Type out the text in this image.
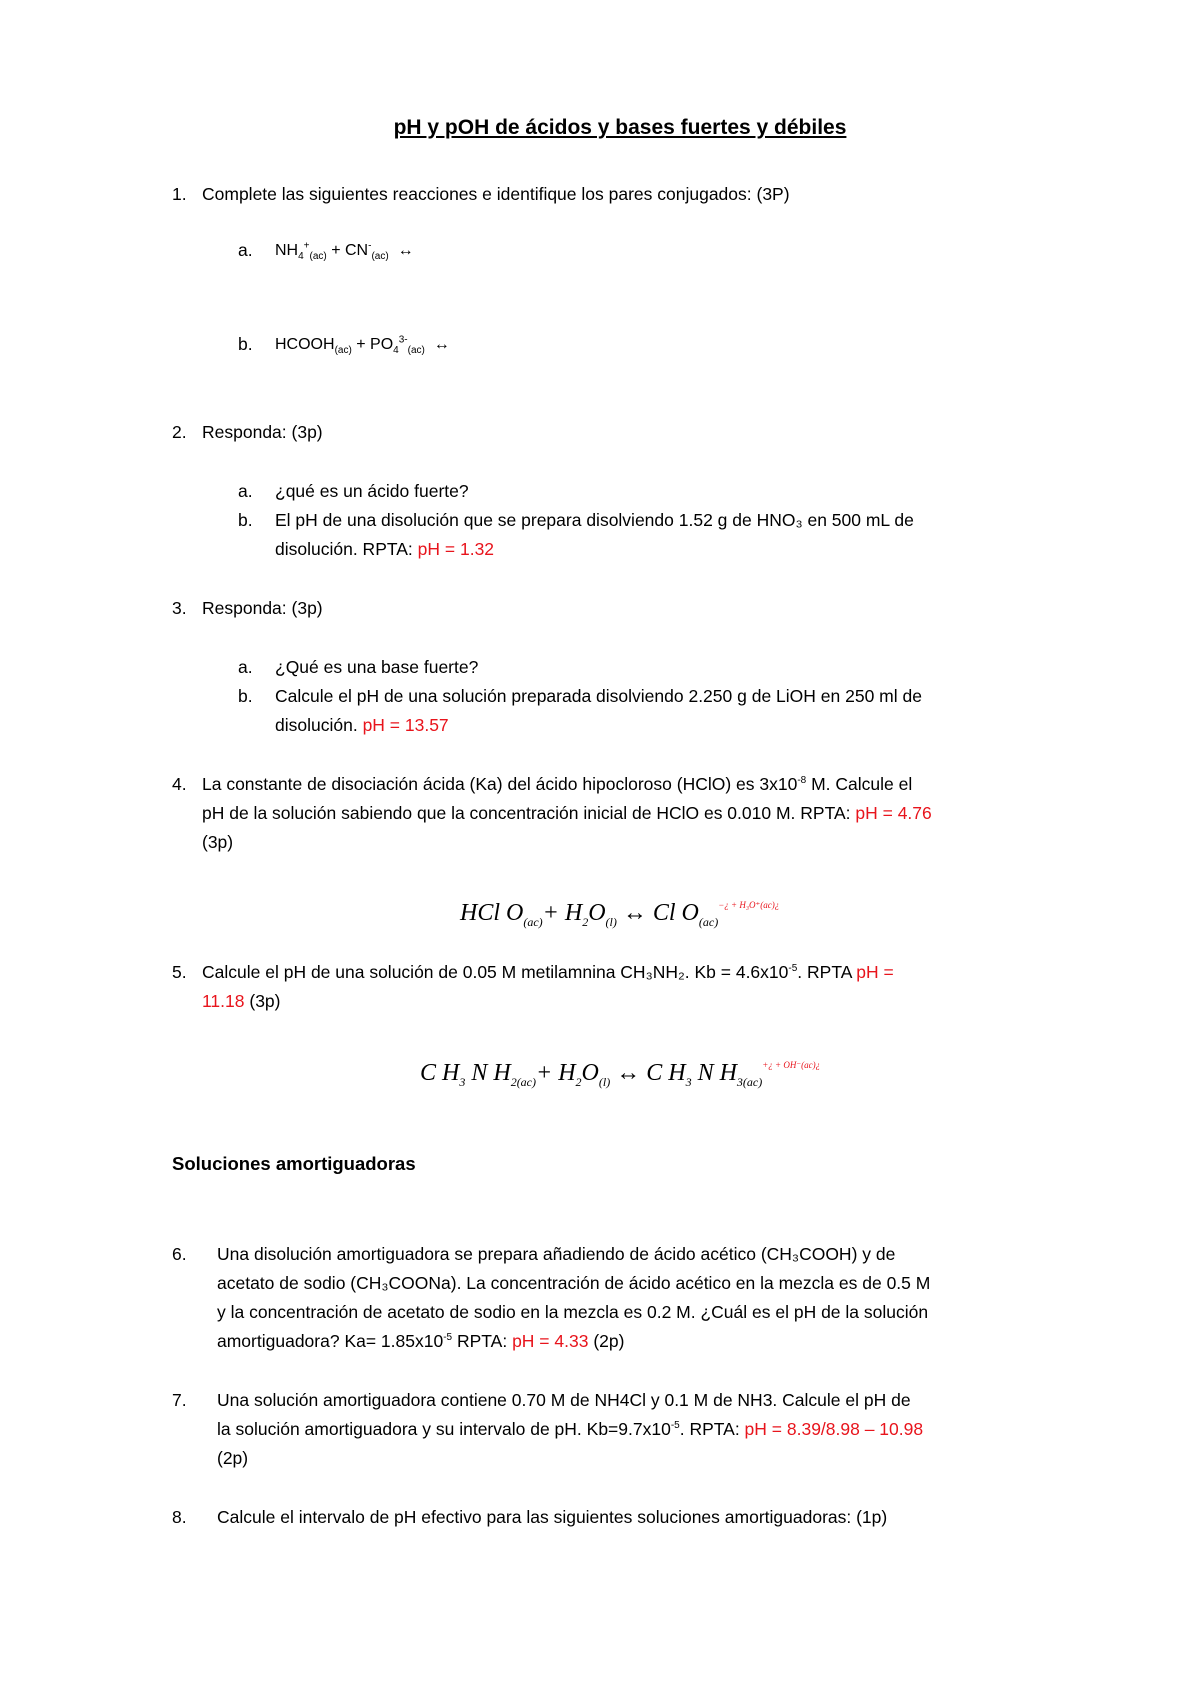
pH y pOH de ácidos y bases fuertes y débiles
1. Complete las siguientes reacciones e identifique los pares conjugados: (3P)
a.	$NH_4^+_{(ac)} + CN^-_{(ac)}$ ↔
b.	$HCOOH_{(ac)} + PO_4^{3-}_{(ac)}$ ↔
2. Responda: (3p)
a.	¿qué es un ácido fuerte?
b.	El pH de una disolución que se prepara disolviendo 1.52 g de HNO₃ en 500 mL de
disolución. RPTA: pH = 1.32
3. Responda: (3p)
a.	¿Qué es una base fuerte?
b.	Calcule el pH de una solución preparada disolviendo 2.250 g de LiOH en 250 ml de
disolución. pH = 13.57
4. La constante de disociación ácida (Ka) del ácido hipocloroso (HClO) es $3x10^{-8}$ M. Calcule el
pH de la solución sabiendo que la concentración inicial de HClO es 0.010 M. RPTA: pH = 4.76
(3p)
HCl $O_{(ac)}+ H_2O_{(l)}$ ↔ Cl $O_{(ac)}^{-¿ + H_3O^+(ac)¿}$
5. Calcule el pH de una solución de 0.05 M metilamnina CH₃NH₂. $Kb = 4.6x10^{-5}$. RPTA pH =
11.18 (3p)
C $H_3$ N $H_{2(ac)}+ H_2O_{(l)}$ ↔ C $H_3$ N $H_{3(ac)}^{+¿ + OH^-(ac)¿}$
Soluciones amortiguadoras
6.	Una disolución amortiguadora se prepara añadiendo de ácido acético (CH₃COOH) y de
acetato de sodio (CH₃COONa). La concentración de ácido acético en la mezcla es de 0.5 M
y la concentración de acetato de sodio en la mezcla es 0.2 M. ¿Cuál es el pH de la solución
amortiguadora? $Ka= 1.85x10^{-5}$ RPTA: pH = 4.33 (2p)
7.	Una solución amortiguadora contiene 0.70 M de NH4Cl y 0.1 M de NH3. Calcule el pH de
la solución amortiguadora y su intervalo de pH. $Kb=9.7x10^{-5}$. RPTA: pH = 8.39/8.98 – 10.98
(2p)
8.	Calcule el intervalo de pH efectivo para las siguientes soluciones amortiguadoras: (1p)
